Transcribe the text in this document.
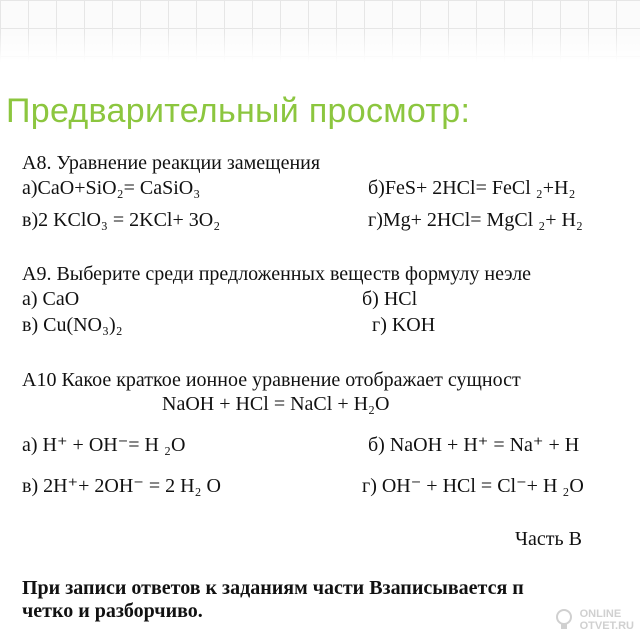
Предварительный просмотр:
А8. Уравнение реакции замещения
а)СаО+SiO₂= CaSiO₃	б)FeS+ 2HCl= FeCl ₂+H₂
в)2 KClO₃ = 2KCl+ 3O₂	г)Mg+ 2HCl= MgCl ₂+ H₂
А9. Выберите среди предложенных веществ формулу неэле
а) CaO	б) HCl
в) Cu(NO₃)₂	г) KOH
А10 Какое краткое ионное уравнение отображает сущност
NaOH + HCl = NaCl + H₂O
а) H⁺ + OH⁻= H ₂O	б) NaOH + H⁺ = Na⁺ + H
в) 2H⁺+ 2OH⁻ = 2 H₂ O	г) OH⁻ + HCl = Cl⁻+ H ₂O
Часть В
При записи ответов к заданиям части Взаписывается п
четко и разборчиво.	ONLINE
OTVET.RU
